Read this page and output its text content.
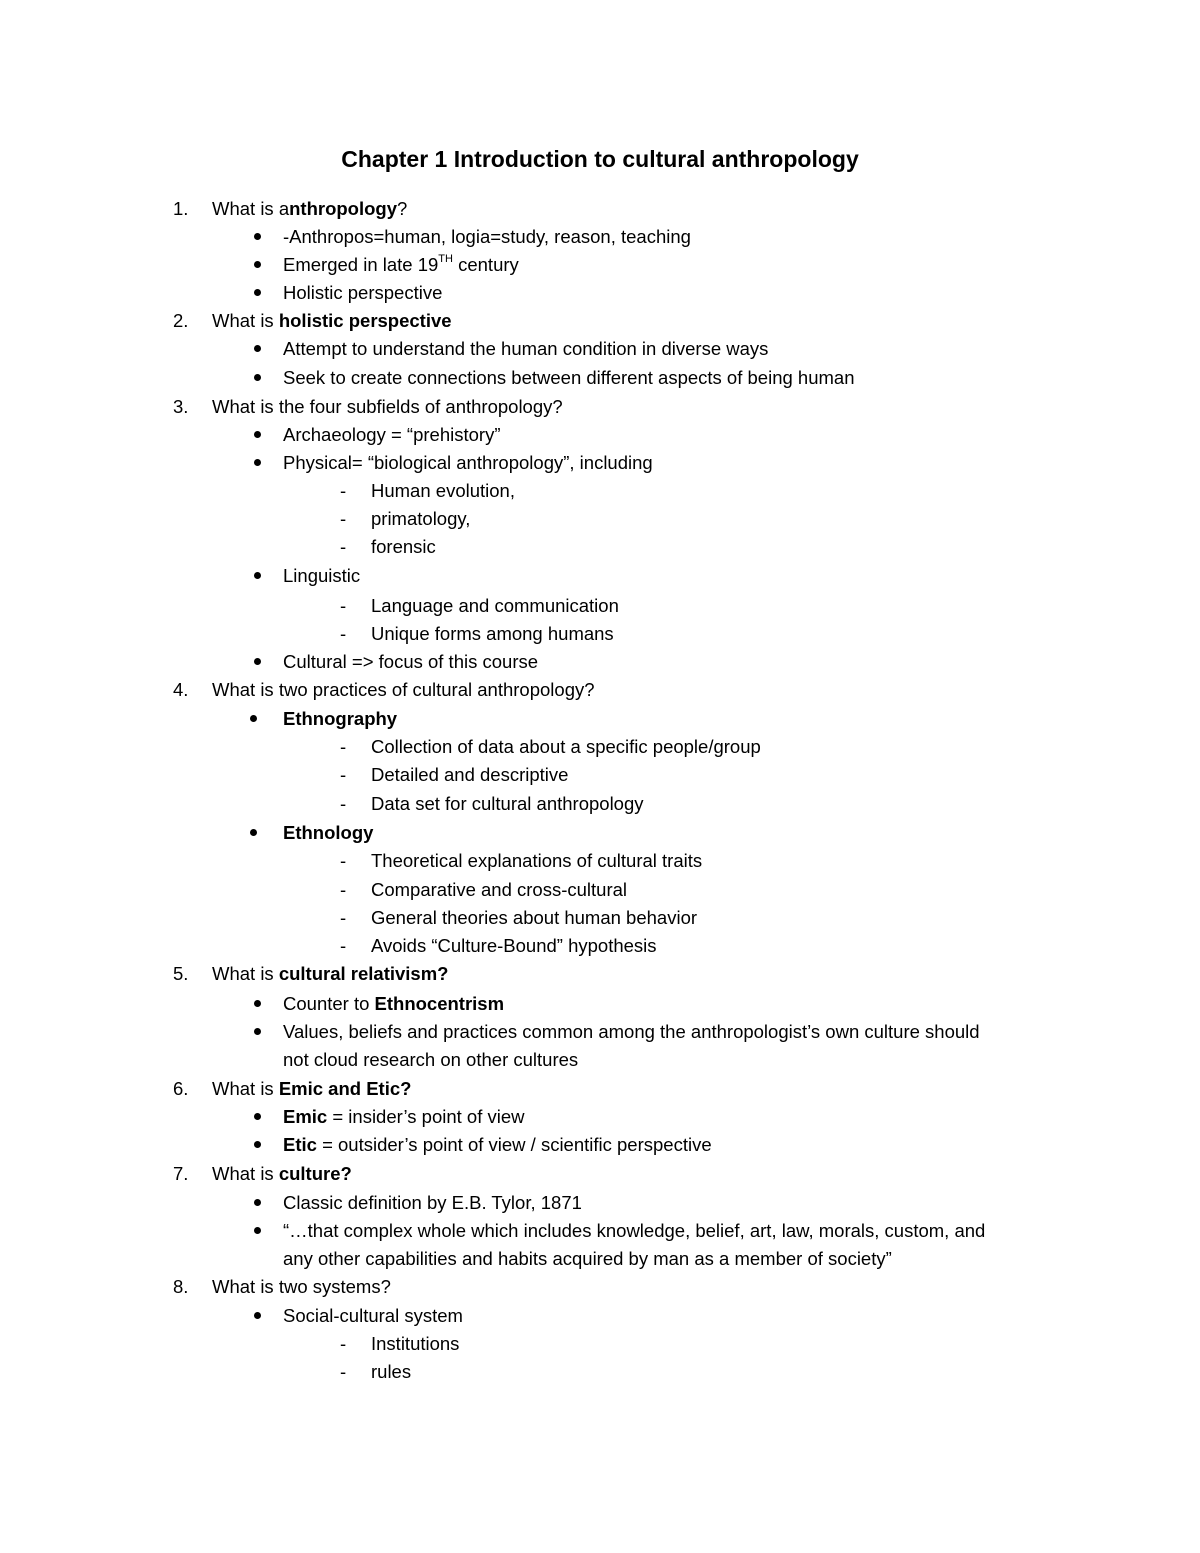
Chapter 1 Introduction to cultural anthropology
1. What is anthropology?
-Anthropos=human, logia=study, reason, teaching
Emerged in late 19TH century
Holistic perspective
2. What is holistic perspective
Attempt to understand the human condition in diverse ways
Seek to create connections between different aspects of being human
3. What is the four subfields of anthropology?
Archaeology = “prehistory”
Physical= “biological anthropology”, including
- Human evolution,
- primatology,
- forensic
Linguistic
- Language and communication
- Unique forms among humans
Cultural => focus of this course
4. What is two practices of cultural anthropology?
Ethnography
- Collection of data about a specific people/group
- Detailed and descriptive
- Data set for cultural anthropology
Ethnology
- Theoretical explanations of cultural traits
- Comparative and cross-cultural
- General theories about human behavior
- Avoids “Culture-Bound” hypothesis
5. What is cultural relativism?
Counter to Ethnocentrism
Values, beliefs and practices common among the anthropologist’s own culture should
not cloud research on other cultures
6. What is Emic and Etic?
Emic = insider’s point of view
Etic = outsider’s point of view / scientific perspective
7. What is culture?
Classic definition by E.B. Tylor, 1871
“…that complex whole which includes knowledge, belief, art, law, morals, custom, and
any other capabilities and habits acquired by man as a member of society”
8. What is two systems?
Social-cultural system
- Institutions
- rules
